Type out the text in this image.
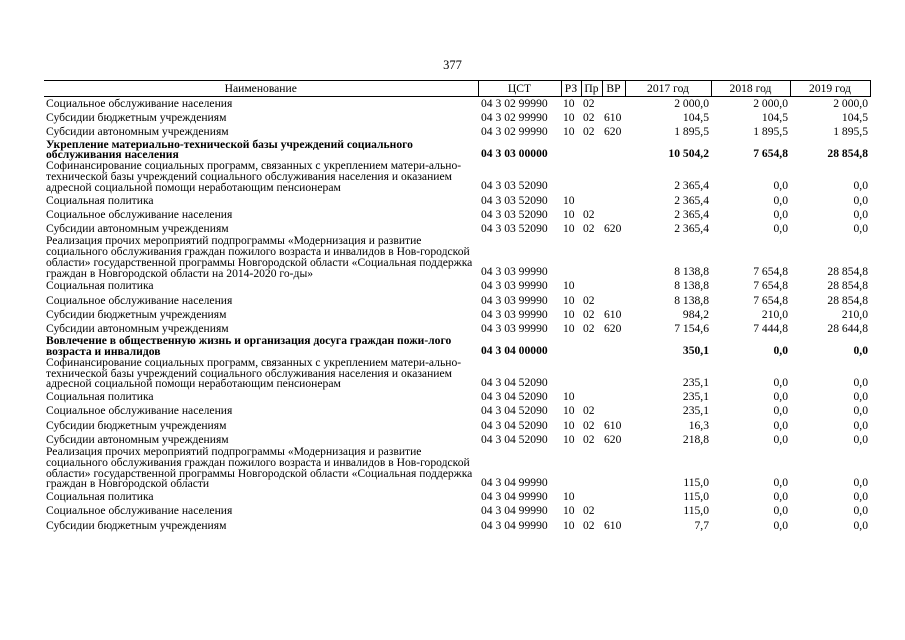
377
Наименование	ЦСТ	РЗ	Пр	ВР	2017 год	2018 год	2019 год
Социальное обслуживание населения	04 3 02 99990	10	02		2 000,0	2 000,0	2 000,0
Субсидии бюджетным учреждениям	04 3 02 99990	10	02	610	104,5	104,5	104,5
Субсидии автономным учреждениям	04 3 02 99990	10	02	620	1 895,5	1 895,5	1 895,5
Укрепление материально-технической базы учреждений социального обслуживания населения	04 3 03 00000				10 504,2	7 654,8	28 854,8
Софинансирование социальных программ, связанных с укреплением матери-ально-технической базы учреждений социального обслуживания населения и оказанием адресной социальной помощи неработающим пенсионерам	04 3 03 52090				2 365,4	0,0	0,0
Социальная политика	04 3 03 52090	10			2 365,4	0,0	0,0
Социальное обслуживание населения	04 3 03 52090	10	02		2 365,4	0,0	0,0
Субсидии автономным учреждениям	04 3 03 52090	10	02	620	2 365,4	0,0	0,0
Реализация прочих мероприятий подпрограммы «Модернизация и развитие социального обслуживания граждан пожилого возраста и инвалидов в Нов-городской области» государственной программы Новгородской области «Социальная поддержка граждан в Новгородской области на 2014-2020 го-ды»	04 3 03 99990				8 138,8	7 654,8	28 854,8
Социальная политика	04 3 03 99990	10			8 138,8	7 654,8	28 854,8
Социальное обслуживание населения	04 3 03 99990	10	02		8 138,8	7 654,8	28 854,8
Субсидии бюджетным учреждениям	04 3 03 99990	10	02	610	984,2	210,0	210,0
Субсидии автономным учреждениям	04 3 03 99990	10	02	620	7 154,6	7 444,8	28 644,8
Вовлечение в общественную жизнь и организация досуга граждан пожи-лого возраста и инвалидов	04 3 04 00000				350,1	0,0	0,0
Софинансирование социальных программ, связанных с укреплением матери-ально-технической базы учреждений социального обслуживания населения и оказанием адресной социальной помощи неработающим пенсионерам	04 3 04 52090				235,1	0,0	0,0
Социальная политика	04 3 04 52090	10			235,1	0,0	0,0
Социальное обслуживание населения	04 3 04 52090	10	02		235,1	0,0	0,0
Субсидии бюджетным учреждениям	04 3 04 52090	10	02	610	16,3	0,0	0,0
Субсидии автономным учреждениям	04 3 04 52090	10	02	620	218,8	0,0	0,0
Реализация прочих мероприятий подпрограммы «Модернизация и развитие социального обслуживания граждан пожилого возраста и инвалидов в Нов-городской области» государственной программы Новгородской области «Социальная поддержка граждан в Новгородской области	04 3 04 99990				115,0	0,0	0,0
Социальная политика	04 3 04 99990	10			115,0	0,0	0,0
Социальное обслуживание населения	04 3 04 99990	10	02		115,0	0,0	0,0
Субсидии бюджетным учреждениям	04 3 04 99990	10	02	610	7,7	0,0	0,0
